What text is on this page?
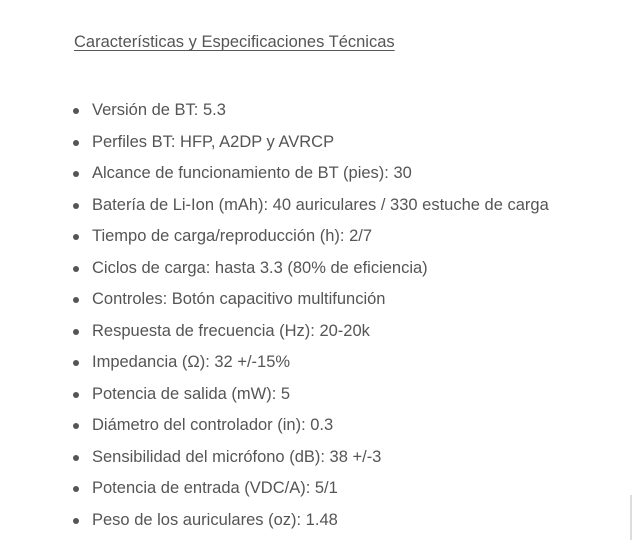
Características y Especificaciones Técnicas
Versión de BT: 5.3
Perfiles BT: HFP, A2DP y AVRCP
Alcance de funcionamiento de BT (pies): 30
Batería de Li-Ion (mAh): 40 auriculares / 330 estuche de carga
Tiempo de carga/reproducción (h): 2/7
Ciclos de carga: hasta 3.3 (80% de eficiencia)
Controles: Botón capacitivo multifunción
Respuesta de frecuencia (Hz): 20-20k
Impedancia (Ω): 32 +/-15%
Potencia de salida (mW): 5
Diámetro del controlador (in): 0.3
Sensibilidad del micrófono (dB): 38 +/-3
Potencia de entrada (VDC/A): 5/1
Peso de los auriculares (oz): 1.48
